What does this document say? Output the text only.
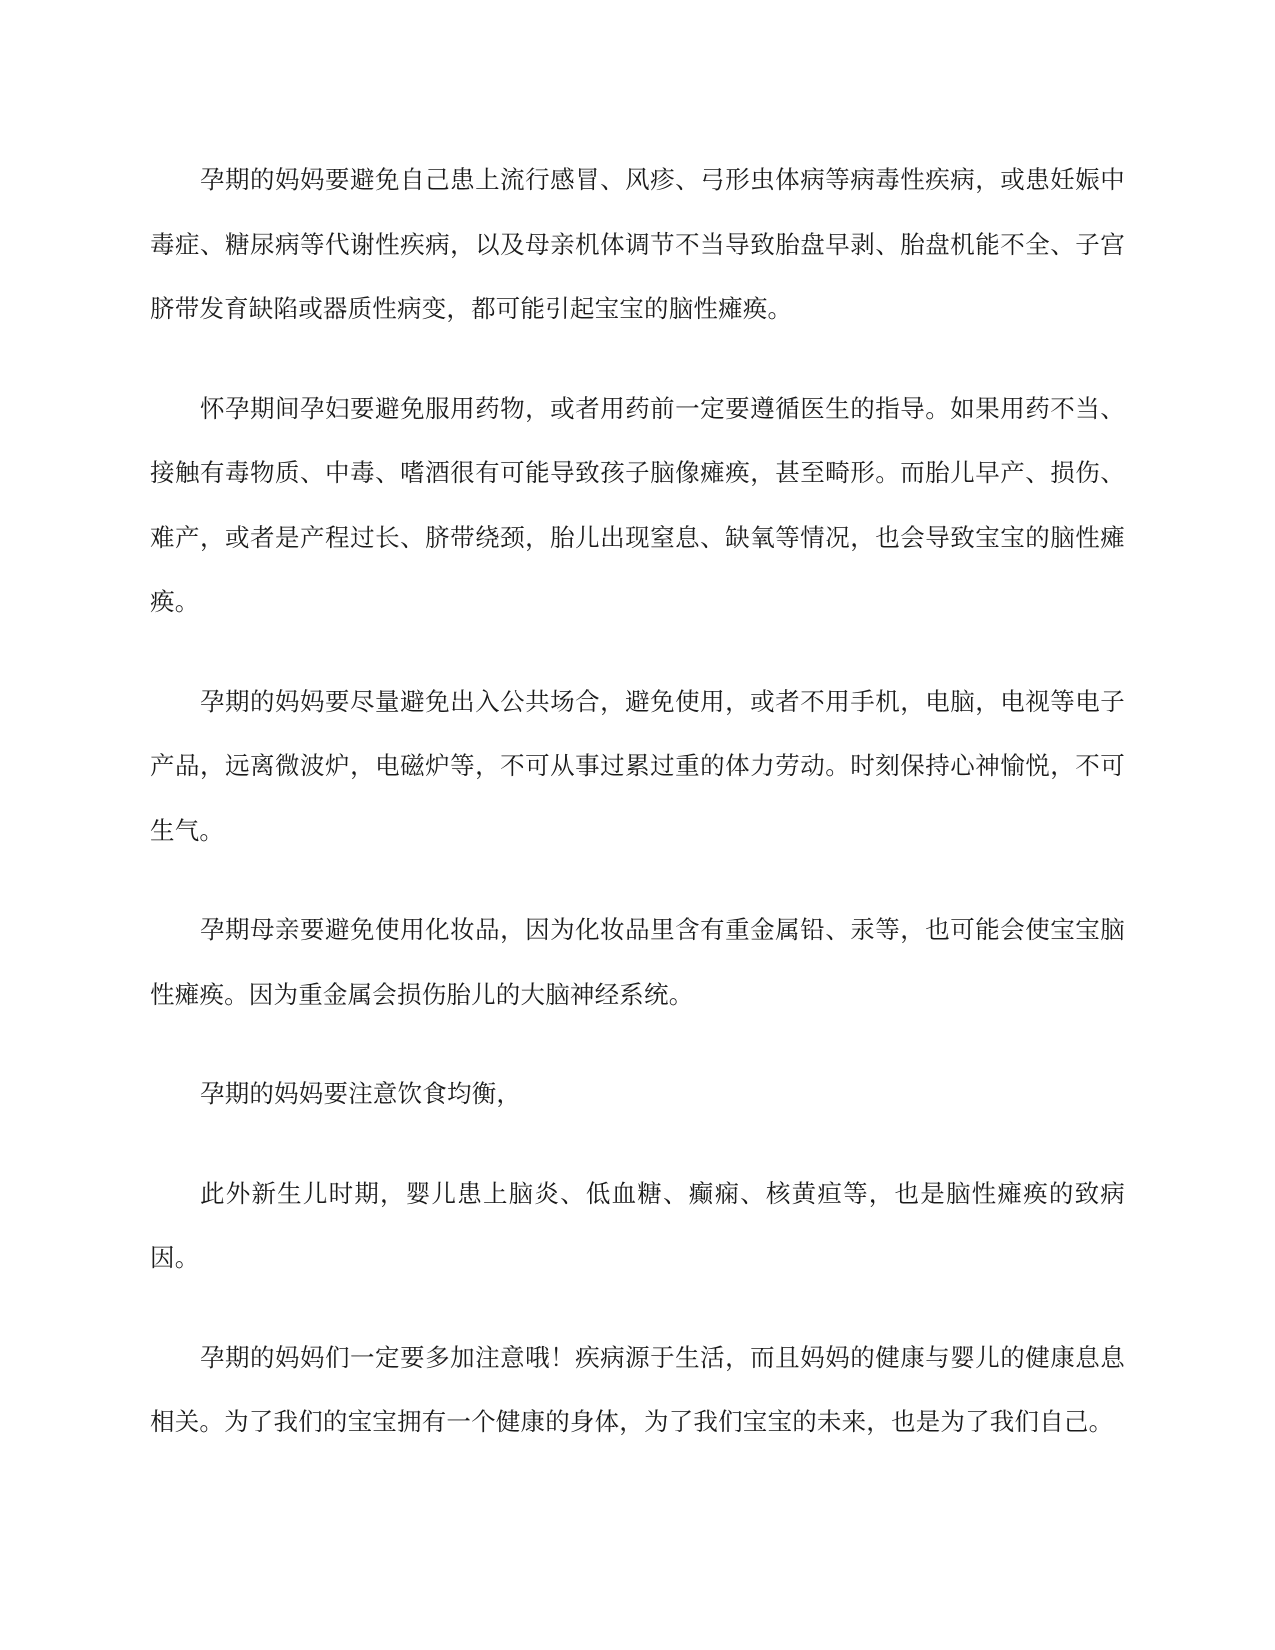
孕期的妈妈要避免自己患上流行感冒、风疹、弓形虫体病等病毒性疾病，或患妊娠中毒症、糖尿病等代谢性疾病，以及母亲机体调节不当导致胎盘早剥、胎盘机能不全、子宫脐带发育缺陷或器质性病变，都可能引起宝宝的脑性瘫痪。

怀孕期间孕妇要避免服用药物，或者用药前一定要遵循医生的指导。如果用药不当、接触有毒物质、中毒、嗜酒很有可能导致孩子脑像瘫痪，甚至畸形。而胎儿早产、损伤、难产，或者是产程过长、脐带绕颈，胎儿出现窒息、缺氧等情况，也会导致宝宝的脑性瘫痪。

孕期的妈妈要尽量避免出入公共场合，避免使用，或者不用手机，电脑，电视等电子产品，远离微波炉，电磁炉等，不可从事过累过重的体力劳动。时刻保持心神愉悦，不可生气。

孕期母亲要避免使用化妆品，因为化妆品里含有重金属铅、汞等，也可能会使宝宝脑性瘫痪。因为重金属会损伤胎儿的大脑神经系统。

孕期的妈妈要注意饮食均衡，

此外新生儿时期，婴儿患上脑炎、低血糖、癫痫、核黄疸等，也是脑性瘫痪的致病因。

孕期的妈妈们一定要多加注意哦！疾病源于生活，而且妈妈的健康与婴儿的健康息息相关。为了我们的宝宝拥有一个健康的身体，为了我们宝宝的未来，也是为了我们自己。
